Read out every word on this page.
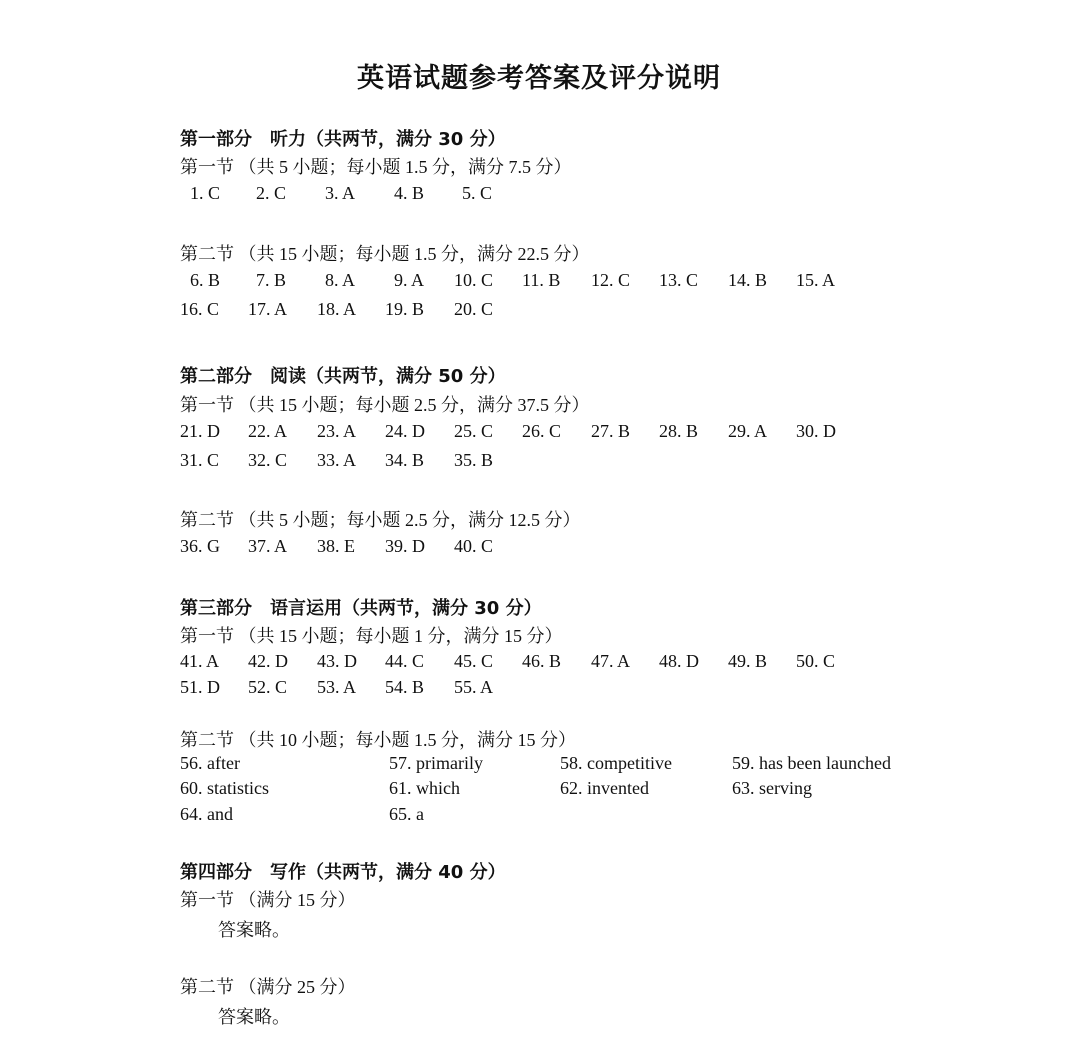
英语试题参考答案及评分说明
第一部分　听力（共两节，满分 30 分）
第一节 （共 5 小题；每小题 1.5 分，满分 7.5 分）
1. C 2. C 3. A 4. B 5. C
第二节 （共 15 小题；每小题 1.5 分，满分 22.5 分）
6. B 7. B 8. A 9. A 10. C 11. B 12. C 13. C 14. B 15. A
16. C 17. A 18. A 19. B 20. C
第二部分　阅读（共两节，满分 50 分）
第一节 （共 15 小题；每小题 2.5 分，满分 37.5 分）
21. D 22. A 23. A 24. D 25. C 26. C 27. B 28. B 29. A 30. D
31. C 32. C 33. A 34. B 35. B
第二节 （共 5 小题；每小题 2.5 分，满分 12.5 分）
36. G 37. A 38. E 39. D 40. C
第三部分　语言运用（共两节，满分 30 分）
第一节 （共 15 小题；每小题 1 分，满分 15 分）
41. A 42. D 43. D 44. C 45. C 46. B 47. A 48. D 49. B 50. C
51. D 52. C 53. A 54. B 55. A
第二节 （共 10 小题；每小题 1.5 分，满分 15 分）
56. after	57. primarily	58. competitive	59. has been launched
60. statistics	61. which	62. invented	63. serving
64. and	65. a
第四部分　写作（共两节，满分 40 分）
第一节 （满分 15 分）
答案略。
第二节 （满分 25 分）
答案略。
